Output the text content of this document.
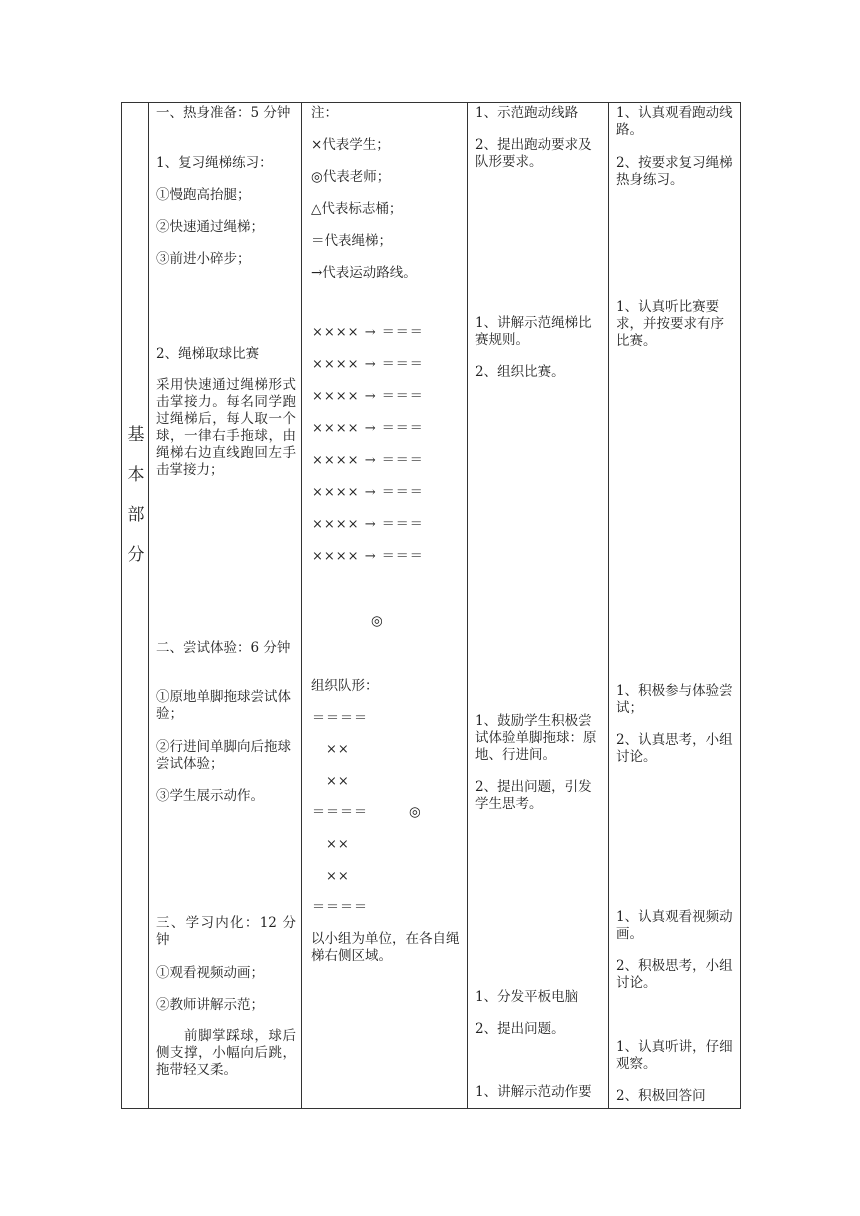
基
本
部
分

一、热身准备：5 分钟

1、复习绳梯练习：

①慢跑高抬腿；

②快速通过绳梯；

③前进小碎步；

2、绳梯取球比赛

采用快速通过绳梯形式击掌接力。每名同学跑过绳梯后，每人取一个球，一律右手拖球，由绳梯右边直线跑回左手击掌接力；

二、尝试体验：6 分钟

①原地单脚拖球尝试体验；

②行进间单脚向后拖球尝试体验；

③学生展示动作。

三、学习内化：12 分钟

①观看视频动画；

②教师讲解示范；

前脚掌踩球，球后侧支撑，小幅向后跳，拖带轻又柔。

注：

×代表学生；

◎代表老师；

△代表标志桶；

＝代表绳梯；

→代表运动路线。

×××× → ＝＝＝

×××× → ＝＝＝

×××× → ＝＝＝

×××× → ＝＝＝

×××× → ＝＝＝

×××× → ＝＝＝

×××× → ＝＝＝

×××× → ＝＝＝

◎

组织队形：

＝＝＝＝

××

××

＝＝＝＝	◎

××

××

＝＝＝＝

以小组为单位，在各自绳梯右侧区域。

1、示范跑动线路

2、提出跑动要求及队形要求。

1、讲解示范绳梯比赛规则。

2、组织比赛。

1、鼓励学生积极尝试体验单脚拖球：原地、行进间。

2、提出问题，引发学生思考。

1、分发平板电脑

2、提出问题。

1、讲解示范动作要

1、认真观看跑动线路。

2、按要求复习绳梯热身练习。

1、认真听比赛要求，并按要求有序比赛。

1、积极参与体验尝试；

2、认真思考，小组讨论。

1、认真观看视频动画。

2、积极思考，小组讨论。

1、认真听讲，仔细观察。

2、积极回答问
